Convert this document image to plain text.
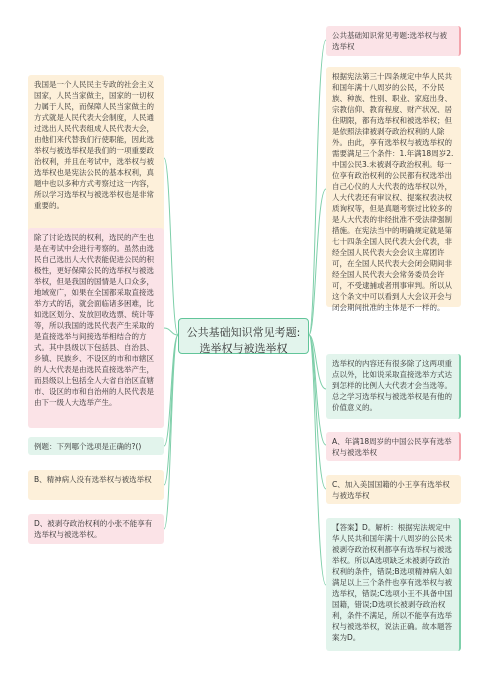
公共基础知识常见考题:选举权与被选举权
公共基础知识常见考题:选举权与被选举权
根据宪法第三十四条规定中华人民共和国年满十八周岁的公民，不分民族、种族、性别、职业、家庭出身、宗教信仰、教育程度、财产状况、居住期限，都有选举权和被选举权；但是依照法律被剥夺政治权利的人除外。由此，享有选举权与被选举权的需要满足三个条件：1.年满18周岁2.中国公民3.未被剥夺政治权利。每一位享有政治权利的公民都有权选举出自己心仪的人大代表的选举权以外，人大代表还有审议权、提案权表决权质询权等，但是真题考察过比较多的是人大代表的非经批准不受法律强制措施。在宪法当中的明确规定就是第七十四条全国人民代表大会代表，非经全国人民代表大会会议主席团许可，在全国人民代表大会闭会期间非经全国人民代表大会常务委员会许可，不受逮捕或者刑事审判。所以从这个条文中可以看到人大会议开会与闭会期间批准的主体是不一样的。
选举权的内容还有很多除了这两项重点以外，比如说采取直接选举方式达到怎样的比例人大代表才会当选等。总之学习选举权与被选举权是有他的价值意义的。
A、年满18周岁的中国公民享有选举权与被选举权
C、加入美国国籍的小王享有选举权与被选举权
【答案】D。解析：根据宪法规定中华人民共和国年满十八周岁的公民未被剥夺政治权利都享有选举权与被选举权。所以A选项缺乏未被剥夺政治权利的条件，错误;B选项精神病人如满足以上三个条件也享有选举权与被选举权，错误;C选项小王不具备中国国籍，错误;D选项长被剥夺政治权利，条件不满足，所以不能享有选举权与被选举权，说法正确。故本题答案为D。
我国是一个人民民主专政的社会主义国家，人民当家做主，国家的一切权力属于人民，而保障人民当家做主的方式就是人民代表大会制度，人民通过选出人民代表组成人民代表大会，由他们来代替我们行使职能，因此选举权与被选举权是我们的一项重要政治权利，并且在考试中，选举权与被选举权也是宪法公民的基本权利，真题中也以多种方式考察过这一内容，所以学习选举权与被选举权也是非常重要的。
除了讨论选民的权利，选民的产生也是在考试中会进行考察的。虽然由选民自己选出人大代表能促进公民的积极性，更好保障公民的选举权与被选举权，但是我国的国情是人口众多，地域宽广，如果在全国都采取直接选举方式的话，就会面临诸多困难，比如选区划分、发放回收选票、统计等等，所以我国的选民代表产生采取的是直接选举与间接选举相结合的方式。其中县级以下包括县、自治县、乡镇、民族乡、不设区的市和市辖区的人大代表是由选民直接选举产生，而县级以上包括全人大省自治区直辖市、设区的市和自治州的人民代表是由下一级人大选举产生。
例题：下列哪个选项是正确的?()
B、精神病人没有选举权与被选举权
D、被剥夺政治权利的小张不能享有选举权与被选举权。
